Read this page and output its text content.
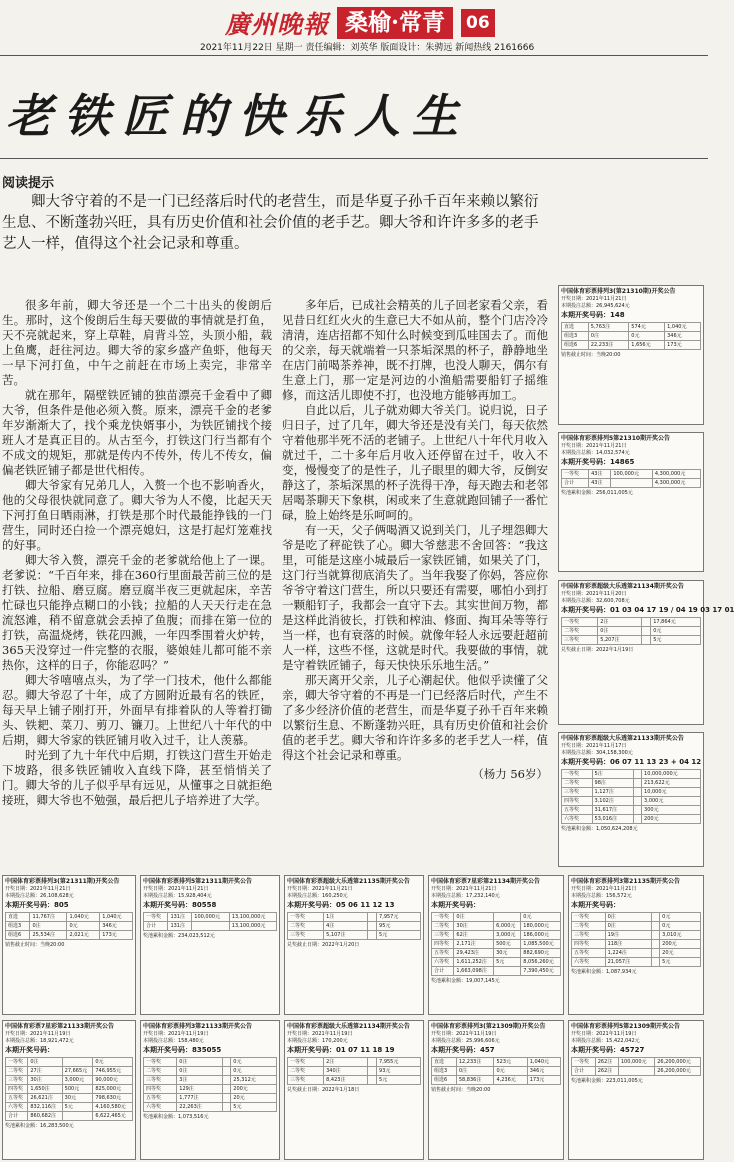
廣州晚報 桑榆·常青	06
2021年11月22日 星期一 责任编辑：刘英华 版面设计：朱骋远 新闻热线 2161666
老铁匠的快乐人生
阅读提示
卿大爷守着的不是一门已经落后时代的老营生，而是华夏子孙千百年来赖以繁衍生息、不断蓬勃兴旺，具有历史价值和社会价值的老手艺。卿大爷和许许多多的老手艺人一样，值得这个社会记录和尊重。

很多年前，卿大爷还是一个二十出头的俊朗后生。那时，这个俊朗后生每天要做的事情就是打鱼，天不亮就起来，穿上草鞋，肩背斗笠，头顶小船，载上鱼鹰，赶往河边。卿大爷的家乡盛产鱼虾，他每天一早下河打鱼，中午之前赶在市场上卖完，非常辛苦。

就在那年，隔壁铁匠铺的独苗漂亮千金看中了卿大爷，但条件是他必须入赘。原来，漂亮千金的老爹年岁渐渐大了，找个乘龙快婿事小，为铁匠铺找个接班人才是真正目的。从古至今，打铁这门行当都有个不成文的规矩，那就是传内不传外，传儿不传女，偏偏老铁匠铺子都是世代相传。

卿大爷家有兄弟几人，入赘一个也不影响香火，他的父母很快就同意了。卿大爷为人不傻，比起天天下河打鱼日晒雨淋，打铁是那个时代最能挣钱的一门营生，同时还白捡一个漂亮媳妇，这是打起灯笼难找的好事。

卿大爷入赘，漂亮千金的老爹就给他上了一课。老爹说：“千百年来，排在360行里面最苦前三位的是打铁、拉船、磨豆腐。磨豆腐半夜三更就起床，辛苦忙碌也只能挣点糊口的小钱；拉船的人天天行走在急流怒滩，稍不留意就会丢掉了鱼腹；而排在第一位的打铁，高温烧烤，铁花四溅，一年四季围着火炉转，365天没穿过一件完整的衣服，婆娘娃儿都可能不亲热你，这样的日子，你能忍吗？”

卿大爷嘻嘻点头，为了学一门技术，他什么都能忍。卿大爷忍了十年，成了方圆附近最有名的铁匠，每天早上铺子刚打开，外面早有排着队的人等着打锄头、铁耙、菜刀、剪刀、镰刀。上世纪八十年代的中后期，卿大爷家的铁匠铺月收入过千，让人羡慕。

时光到了九十年代中后期，打铁这门营生开始走下坡路，很多铁匠铺收入直线下降，甚至悄悄关了门。卿大爷的儿子似乎早有远见，从懂事之日就拒绝接班，卿大爷也不勉强，最后把儿子培养进了大学。

多年后，已成社会精英的儿子回老家看父亲，看见昔日红红火火的生意已大不如从前，整个门店冷冷清清，连店招都不知什么时候变到瓜哇国去了。而他的父亲，每天就端着一只茶垢深黑的杯子，静静地坐在店门前喝茶养神，既不打牌，也没人聊天，偶尔有生意上门，那一定是河边的小渔船需要船钉子摇维修，而这活儿即使不打，也没地方能够再加工。

自此以后，儿子就劝卿大爷关门。说归说，日子归日子，过了几年，卿大爷还是没有关门，每天依然守着他那半死不活的老铺子。上世纪八十年代月收入就过千，二十多年后月收入还停留在过千，收入不变，慢慢变了的是性子，儿子眼里的卿大爷，反倒安静这了，茶垢深黑的杯子洗得干净，每天跑去和老邻居喝茶聊天下象棋，闲或来了生意就跑回铺子一番忙碌，脸上始终是乐呵呵的。

有一天，父子俩喝酒又说到关门，儿子埋怨卿大爷是吃了秤砣铁了心。卿大爷慈悲不舍回答：“我这里，可能是这座小城最后一家铁匠铺，如果关了门，这门行当就算彻底消失了。当年我娶了你妈，答应你爷爷守着这门营生，所以只要还有需要，哪怕小到打一颗船钉子，我都会一直守下去。其实世间万物，都是这样此消彼长，打铁和榨油、修面、掏耳朵等等行当一样，也有衰落的时候。就像年轻人永远要赶超前人一样，这些不怪，这就是时代。我要做的事情，就是守着铁匠铺子，每天快快乐乐地生活。”

那天离开父亲，儿子心潮起伏。他似乎读懂了父亲，卿大爷守着的不再是一门已经落后时代，产生不了多少经济价值的老营生，而是华夏子孙千百年来赖以繁衍生息、不断蓬勃兴旺，具有历史价值和社会价值的老手艺。卿大爷和许许多多的老手艺人一样，值得这个社会记录和尊重。

（杨力 56岁）

中国体育彩票排列3(第21310期)开奖公告
开奖日期：2021年11月21日
本期投注总额：26,945,624元
本期开奖号码：148
直选	5,763注	574元	1,040元
组选3	0注	0元	346元
组选6	22,233注	1,656元	173元
销售截止时间：当晚20:00
中国体育彩票排列5第21310期开奖公告
开奖日期：2021年11月21日
本期投注总额：14,032,574元
本期开奖号码：14865
一等奖	43注	100,000元	4,300,000元
合计	43注		4,300,000元
奖池累积金额：256,011,005元
中国体育彩票超级大乐透第21134期开奖公告
开奖日期：2021年11月20日
本期投注总额：32,600,708元
本期开奖号码：01 03 04 17 19 / 04 19 03 17 01
一等奖	2注		17,864元
二等奖	0注		0元
三等奖	5,207注		5元
兑奖截止日期：2022年1月19日
中国体育彩票超级大乐透第21133期开奖公告
开奖日期：2021年11月17日
本期投注总额：304,158,300元
本期开奖号码：06 07 11 13 23 + 04 12
一等奖	5注		10,000,000元
二等奖	98注		213,622元
三等奖	1,127注		10,000元
四等奖	3,102注		3,000元
五等奖	31,617注		300元
六等奖	53,016注		200元
奖池累积金额：1,050,624,208元
中国体育彩票排列3(第21311期)开奖公告
开奖日期：2021年11月21日
本期投注总额：26,108,628元
本期开奖号码：805
直选	11,767注	1,040元	1,040元
组选3	0注	0元	346元
组选6	25,534注	2,021元	173元
销售截止时间：当晚20:00
中国体育彩票排列5第21311期开奖公告
开奖日期：2021年11月21日
本期投注总额：15,928,404元
本期开奖号码：80558
一等奖	131注	100,000元	13,100,000元
合计	131注		13,100,000元
奖池累积金额：234,023,512元
中国体育彩票超级大乐透第21135期开奖公告
开奖日期：2021年11月21日
本期投注总额：160,250元
本期开奖号码：05 06 11 12 13
一等奖	1注		7,957元
二等奖	4注		95元
三等奖	5,107注		5元
兑奖截止日期：2022年1月20日
中国体育彩票7星彩第21134期开奖公告
开奖日期：2021年11月21日
本期投注总额：17,232,140元
本期开奖号码：
一等奖	0注		0元
二等奖	30注	6,000元	180,000元
三等奖	62注	3,000元	186,000元
四等奖	2,171注	500元	1,085,500元
五等奖	29,423注	30元	882,690元
六等奖	1,611,252注	5元	8,056,260元
合计	1,663,098注		7,390,450元
奖池累积金额：19,007,145元
中国体育彩票排列3第21135期开奖公告
开奖日期：2021年11月21日
本期投注总额：156,572元
本期开奖号码：
一等奖	0注		0元
二等奖	0注		0元
三等奖	19注		3,010元
四等奖	118注		200元
五等奖	1,224注		20元
六等奖	21,057注		5元
奖池累积金额：1,087,934元
中国体育彩票7星彩第21133期开奖公告
开奖日期：2021年11月19日
本期投注总额：18,921,472元
本期开奖号码：
一等奖	0注		0元
二等奖	27注	27,665元	746,955元
三等奖	30注	3,000元	90,000元
四等奖	1,650注	500元	825,000元
五等奖	26,621注	30元	798,630元
六等奖	832,116注	5元	4,160,580元
合计	860,682注		6,622,465元
奖池累积金额：16,283,500元
中国体育彩票排列3第21133期开奖公告
开奖日期：2021年11月19日
本期投注总额：158,480元
本期开奖号码：835055
一等奖	0注		0元
二等奖	0注		0元
三等奖	3注		25,312元
四等奖	129注		200元
五等奖	1,777注		20元
六等奖	22,263注		5元
奖池累积金额：1,073,516元
中国体育彩票超级大乐透第21134期开奖公告
开奖日期：2021年11月19日
本期投注总额：170,200元
本期开奖号码：01 07 11 18 19
一等奖	2注		7,955元
二等奖	340注		93元
三等奖	8,423注		5元
兑奖截止日期：2022年1月18日
中国体育彩票排列3(第21309期)开奖公告
开奖日期：2021年11月19日
本期投注总额：25,996,606元
本期开奖号码：457
直选	12,233注	523元	1,040元
组选3	0注	0元	346元
组选6	58,836注	4,236元	173元
销售截止时间：当晚20:00
中国体育彩票排列5第21309期开奖公告
开奖日期：2021年11月19日
本期投注总额：15,422,042元
本期开奖号码：45727
一等奖	262注	100,000元	26,200,000元
合计	262注		26,200,000元
奖池累积金额：223,011,005元
